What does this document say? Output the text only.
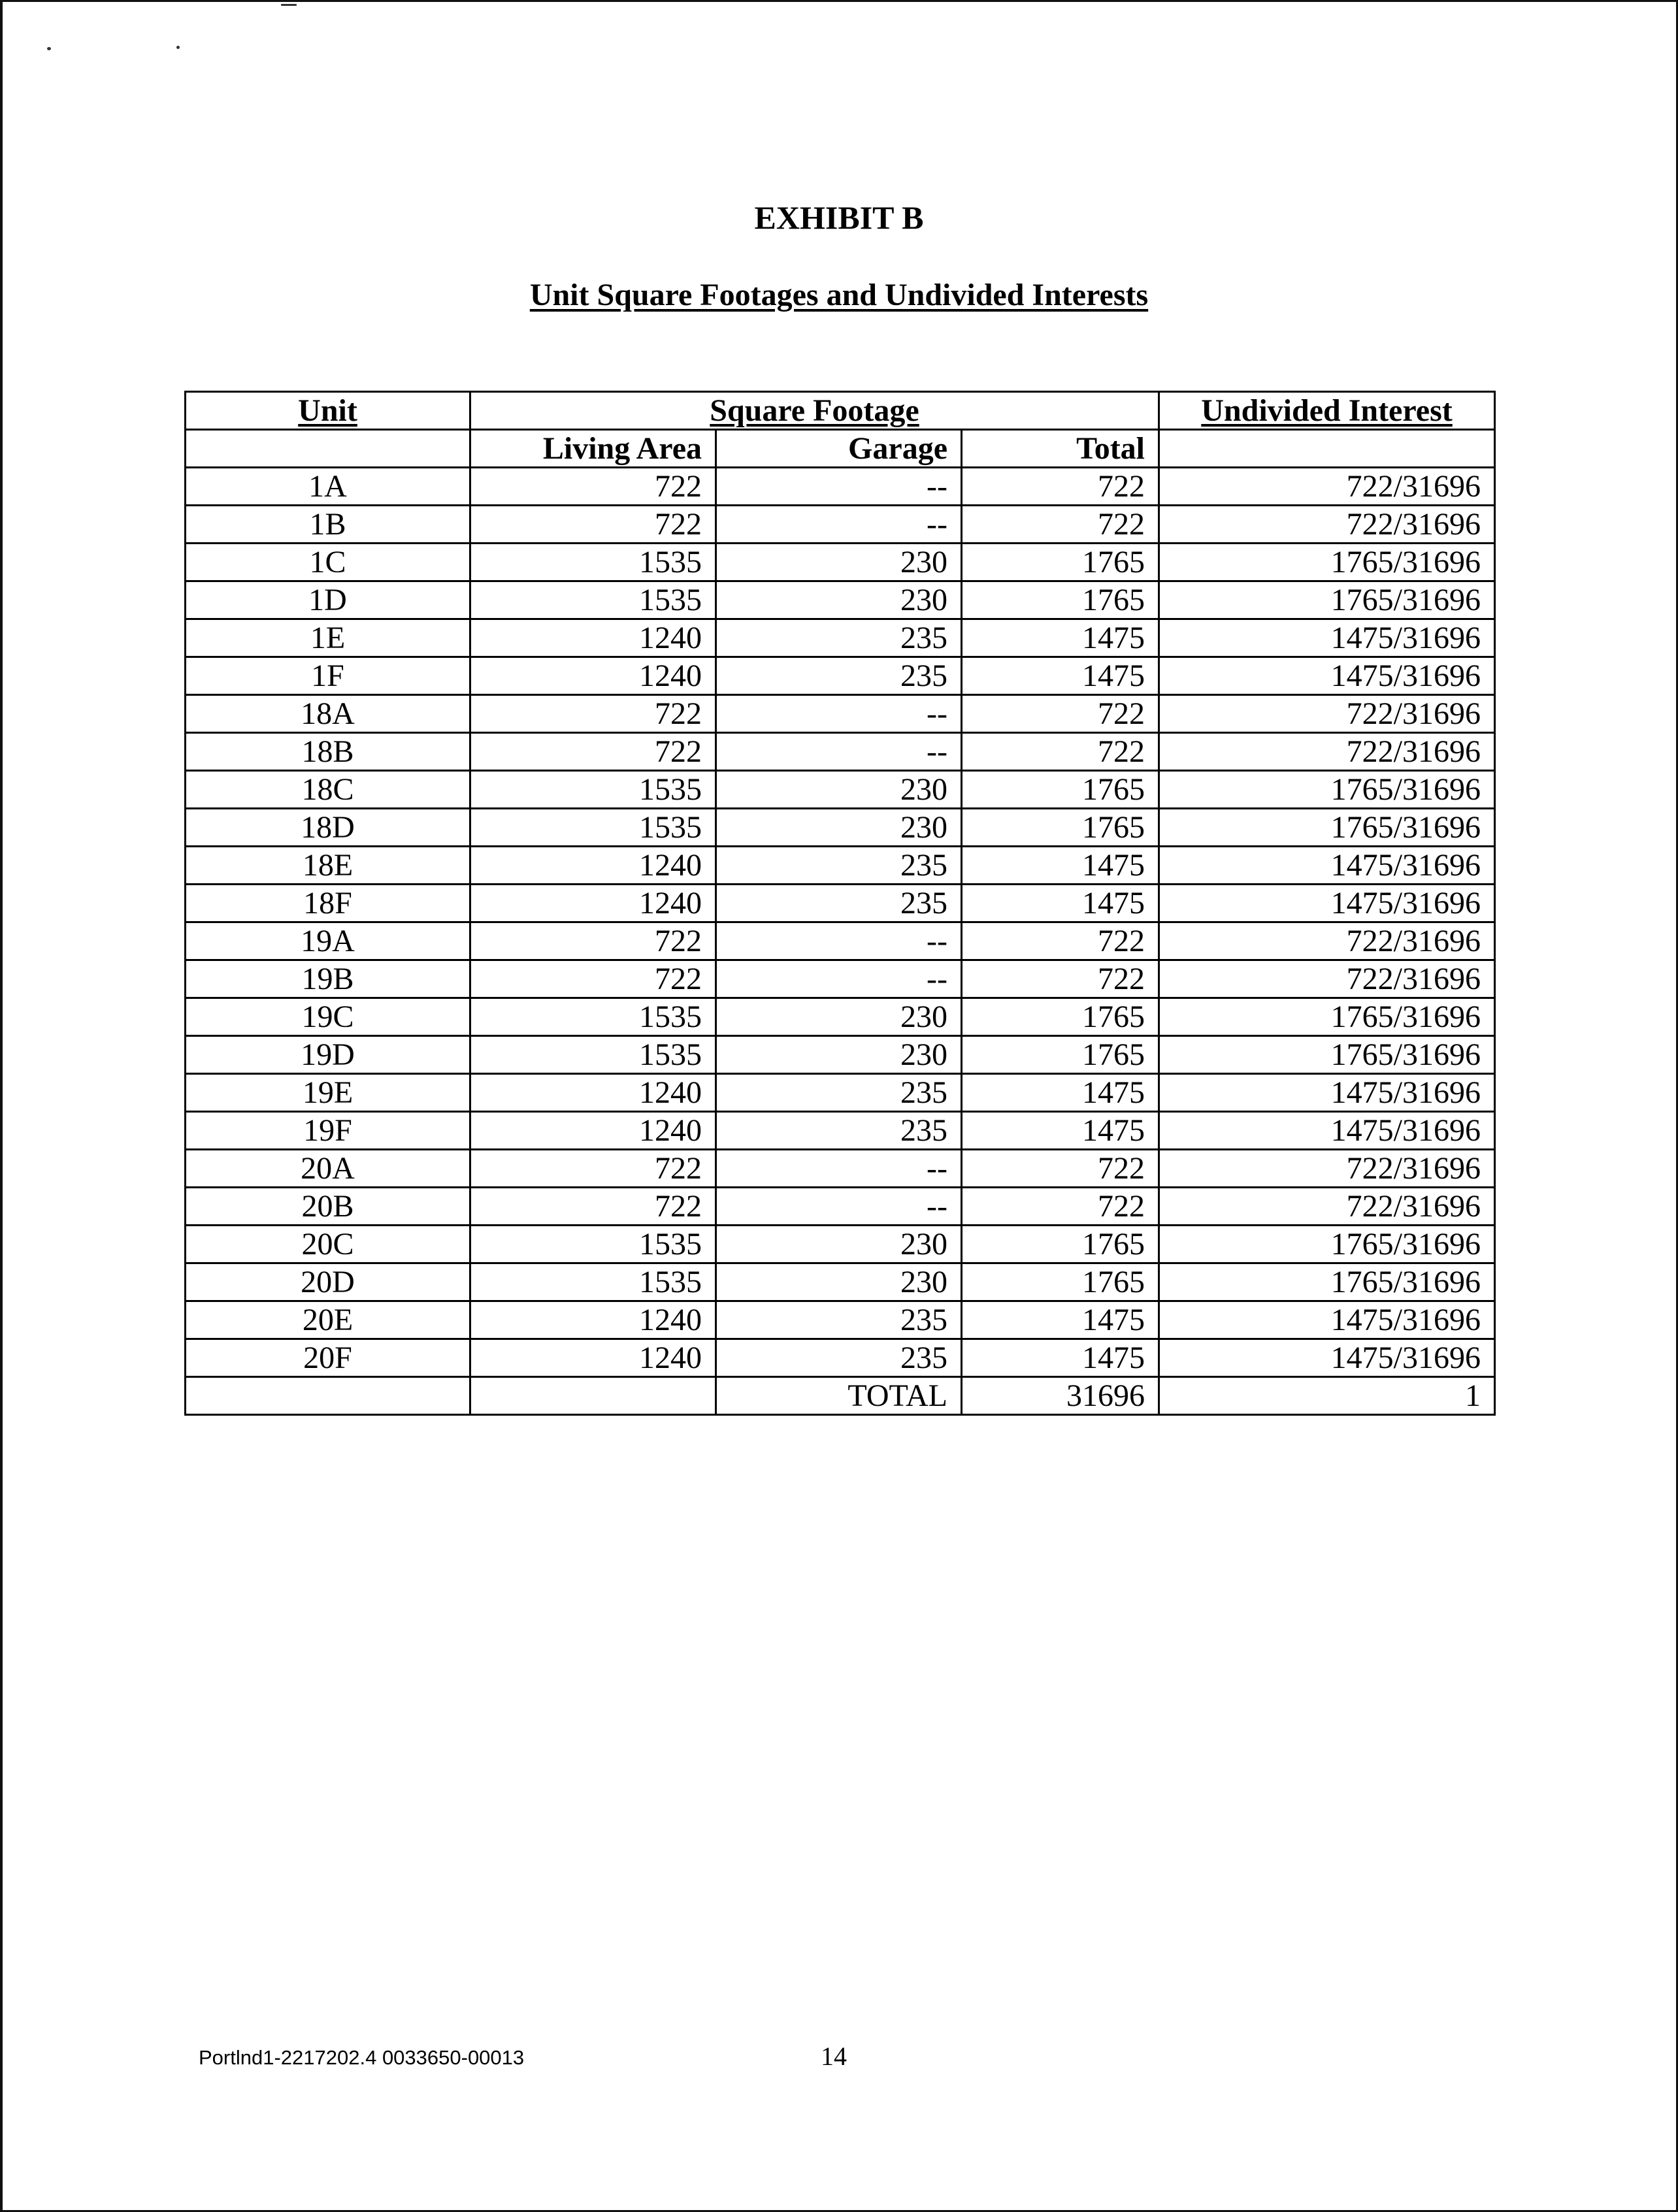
EXHIBIT B
Unit Square Footages and Undivided Interests
Unit	Square Footage			Undivided Interest
	Living Area	Garage	Total	
1A	722	--	722	722/31696
1B	722	--	722	722/31696
1C	1535	230	1765	1765/31696
1D	1535	230	1765	1765/31696
1E	1240	235	1475	1475/31696
1F	1240	235	1475	1475/31696
18A	722	--	722	722/31696
18B	722	--	722	722/31696
18C	1535	230	1765	1765/31696
18D	1535	230	1765	1765/31696
18E	1240	235	1475	1475/31696
18F	1240	235	1475	1475/31696
19A	722	--	722	722/31696
19B	722	--	722	722/31696
19C	1535	230	1765	1765/31696
19D	1535	230	1765	1765/31696
19E	1240	235	1475	1475/31696
19F	1240	235	1475	1475/31696
20A	722	--	722	722/31696
20B	722	--	722	722/31696
20C	1535	230	1765	1765/31696
20D	1535	230	1765	1765/31696
20E	1240	235	1475	1475/31696
20F	1240	235	1475	1475/31696
		TOTAL	31696	1
Portlnd1-2217202.4 0033650-00013	14
